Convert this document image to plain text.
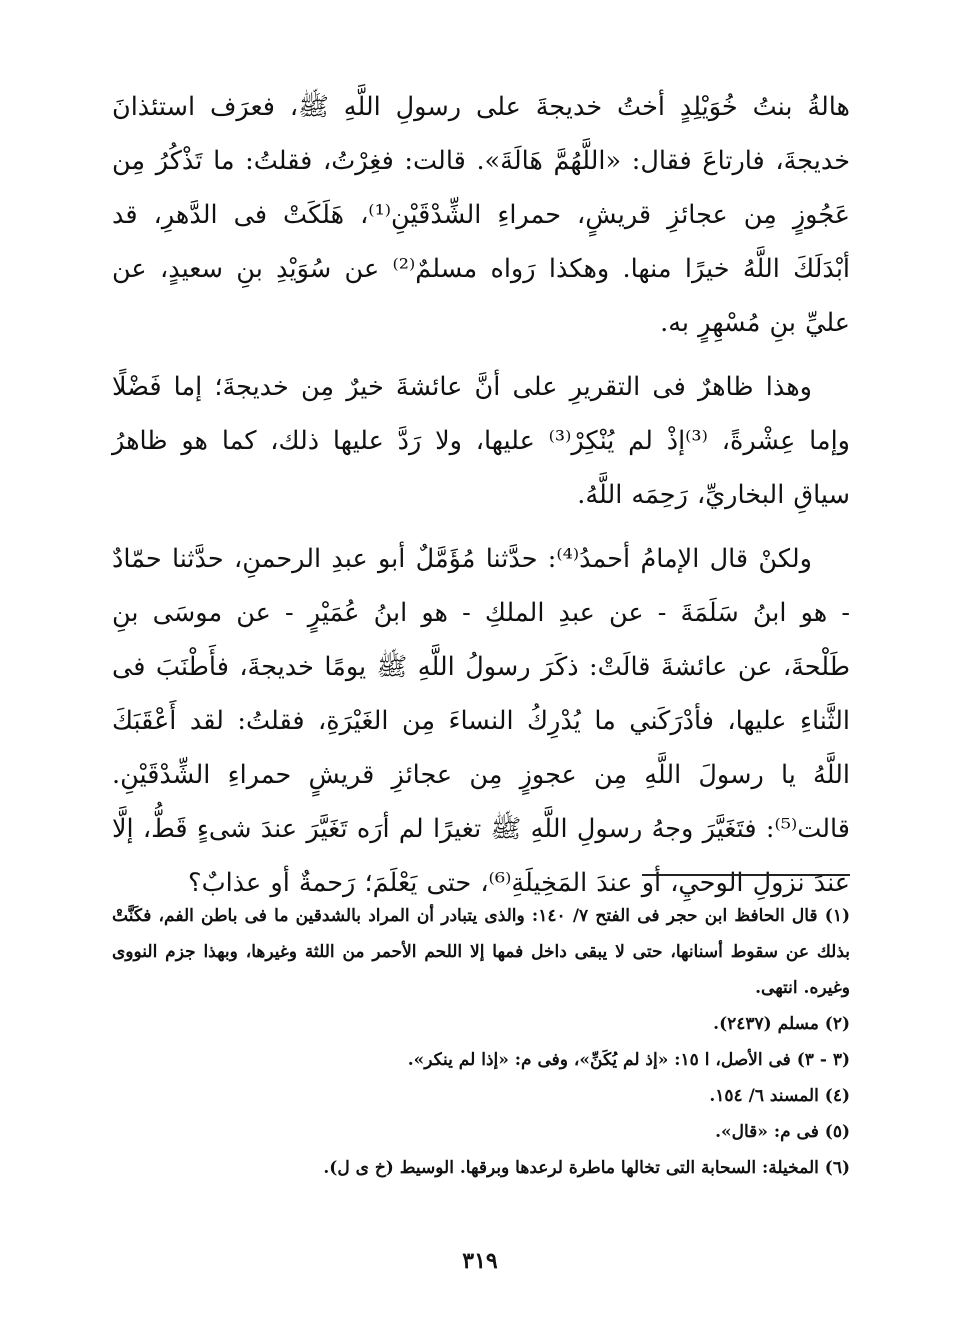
هالةُ بنتُ خُوَيْلِدٍ أختُ خديجةَ على رسولِ اللَّهِ ﷺ، فعرَف استئذانَ خديجةَ، فارتاعَ فقال: «اللَّهُمَّ هَالَةَ». قالت: فغِرْتُ، فقلتُ: ما تَذْكُرُ مِن عَجُوزٍ مِن عجائزِ قريشٍ، حمراءِ الشِّدْقَيْنِ⁽¹⁾، هَلَكَتْ فى الدَّهرِ، قد أبْدَلَكَ اللَّهُ خيرًا منها. وهكذا رَواه مسلمٌ⁽²⁾ عن سُوَيْدِ بنِ سعيدٍ، عن عليِّ بنِ مُسْهِرٍ به.

وهذا ظاهرٌ فى التقريرِ على أنَّ عائشةَ خيرٌ مِن خديجةَ؛ إما فَضْلًا وإما عِشْرةً، ⁽³⁾إذْ لم يُنْكِرْ⁽³⁾ عليها، ولا رَدَّ عليها ذلك، كما هو ظاهرُ سياقِ البخاريِّ، رَحِمَه اللَّهُ.

ولكنْ قال الإمامُ أحمدُ⁽⁴⁾: حدَّثنا مُؤَمَّلٌ أبو عبدِ الرحمنِ، حدَّثنا حمّادٌ - هو ابنُ سَلَمَةَ - عن عبدِ الملكِ - هو ابنُ عُمَيْرٍ - عن موسَى بنِ طَلْحةَ، عن عائشةَ قالَتْ: ذكَرَ رسولُ اللَّهِ ﷺ يومًا خديجةَ، فأَطْنَبَ فى الثَّناءِ عليها، فأدْرَكَني ما يُدْرِكُ النساءَ مِن الغَيْرَةِ، فقلتُ: لقد أَعْقَبَكَ اللَّهُ يا رسولَ اللَّهِ مِن عجوزٍ مِن عجائزِ قريشٍ حمراءِ الشِّدْقَيْنِ. قالت⁽⁵⁾: فتَغَيَّرَ وجهُ رسولِ اللَّهِ ﷺ تغيرًا لم أرَه تَغَيَّرَ عندَ شىءٍ قَطُّ، إلَّا عندَ نزولِ الوحيِ، أو عندَ المَخِيلَةِ⁽⁶⁾، حتى يَعْلَمَ؛ رَحمةٌ أو عذابٌ؟

(١) قال الحافظ ابن حجر فى الفتح ٧/ ١٤٠: والذى يتبادر أن المراد بالشدقين ما فى باطن الفم، فكَنَّتْ بذلك عن سقوط أسنانها، حتى لا يبقى داخل فمها إلا اللحم الأحمر من اللثة وغيرها، وبهذا جزم النووى وغيره. انتهى.

(٢) مسلم (٢٤٣٧).

(٣ - ٣) فى الأصل، ا ١٥: «إذ لم يُكَنِّ»، وفى م: «إذا لم ينكر».

(٤) المسند ٦/ ١٥٤.

(٥) فى م: «قال».

(٦) المخيلة: السحابة التى تخالها ماطرة لرعدها وبرقها. الوسيط (خ ى ل).

٣١٩
